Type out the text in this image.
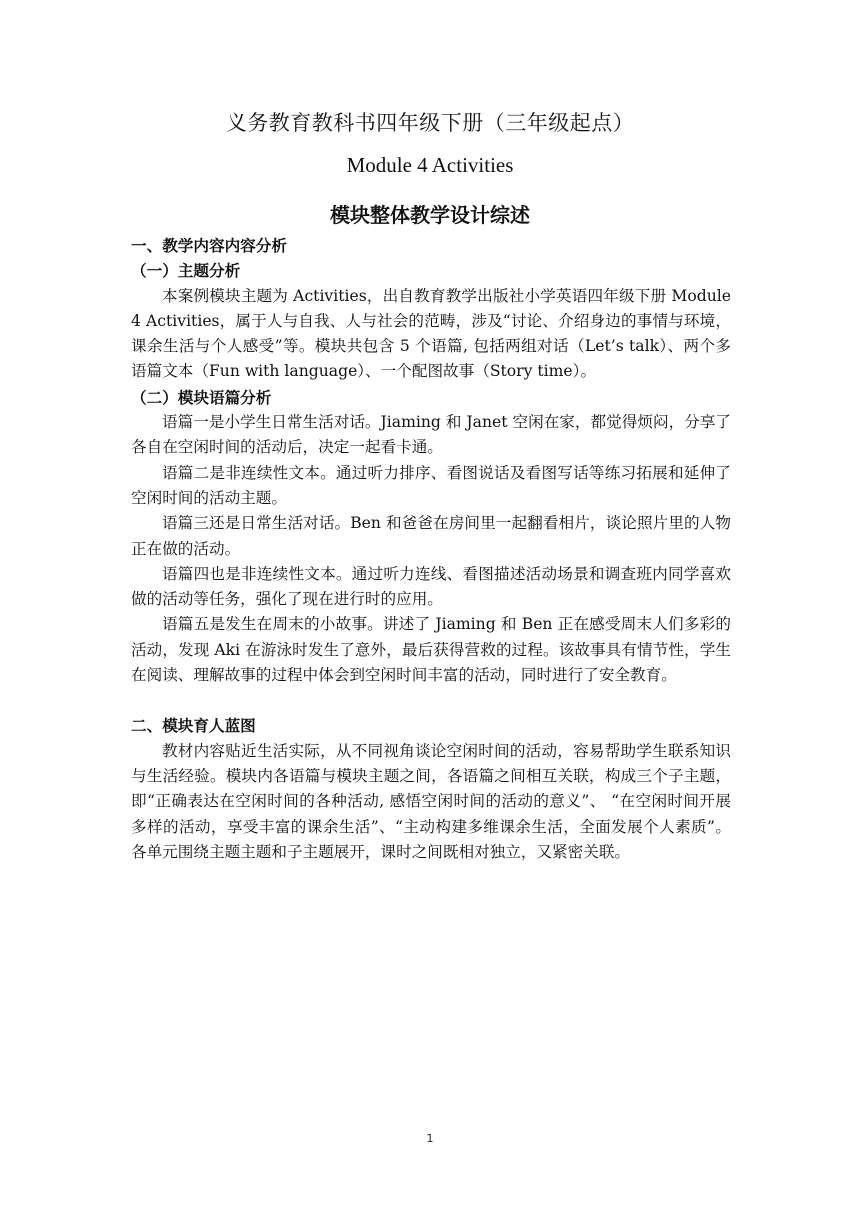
义务教育教科书四年级下册（三年级起点）
Module 4 Activities
模块整体教学设计综述

一、教学内容内容分析

（一）主题分析

本案例模块主题为 Activities，出自教育教学出版社小学英语四年级下册 Module 4 Activities，属于人与自我、人与社会的范畴，涉及“讨论、介绍身边的事情与环境，课余生活与个人感受”等。模块共包含 5 个语篇, 包括两组对话（Let’s talk）、两个多语篇文本（Fun with language）、一个配图故事（Story time）。

（二）模块语篇分析

语篇一是小学生日常生活对话。Jiaming 和 Janet 空闲在家，都觉得烦闷，分享了各自在空闲时间的活动后，决定一起看卡通。

语篇二是非连续性文本。通过听力排序、看图说话及看图写话等练习拓展和延伸了空闲时间的活动主题。

语篇三还是日常生活对话。Ben 和爸爸在房间里一起翻看相片，谈论照片里的人物正在做的活动。

语篇四也是非连续性文本。通过听力连线、看图描述活动场景和调查班内同学喜欢做的活动等任务，强化了现在进行时的应用。

语篇五是发生在周末的小故事。讲述了 Jiaming 和 Ben 正在感受周末人们多彩的活动，发现 Aki 在游泳时发生了意外，最后获得营救的过程。该故事具有情节性，学生在阅读、理解故事的过程中体会到空闲时间丰富的活动，同时进行了安全教育。

二、模块育人蓝图

教材内容贴近生活实际，从不同视角谈论空闲时间的活动，容易帮助学生联系知识与生活经验。模块内各语篇与模块主题之间，各语篇之间相互关联，构成三个子主题，即“正确表达在空闲时间的各种活动, 感悟空闲时间的活动的意义”、 “在空闲时间开展多样的活动，享受丰富的课余生活”、“主动构建多维课余生活，全面发展个人素质”。各单元围绕主题主题和子主题展开，课时之间既相对独立，又紧密关联。

1
